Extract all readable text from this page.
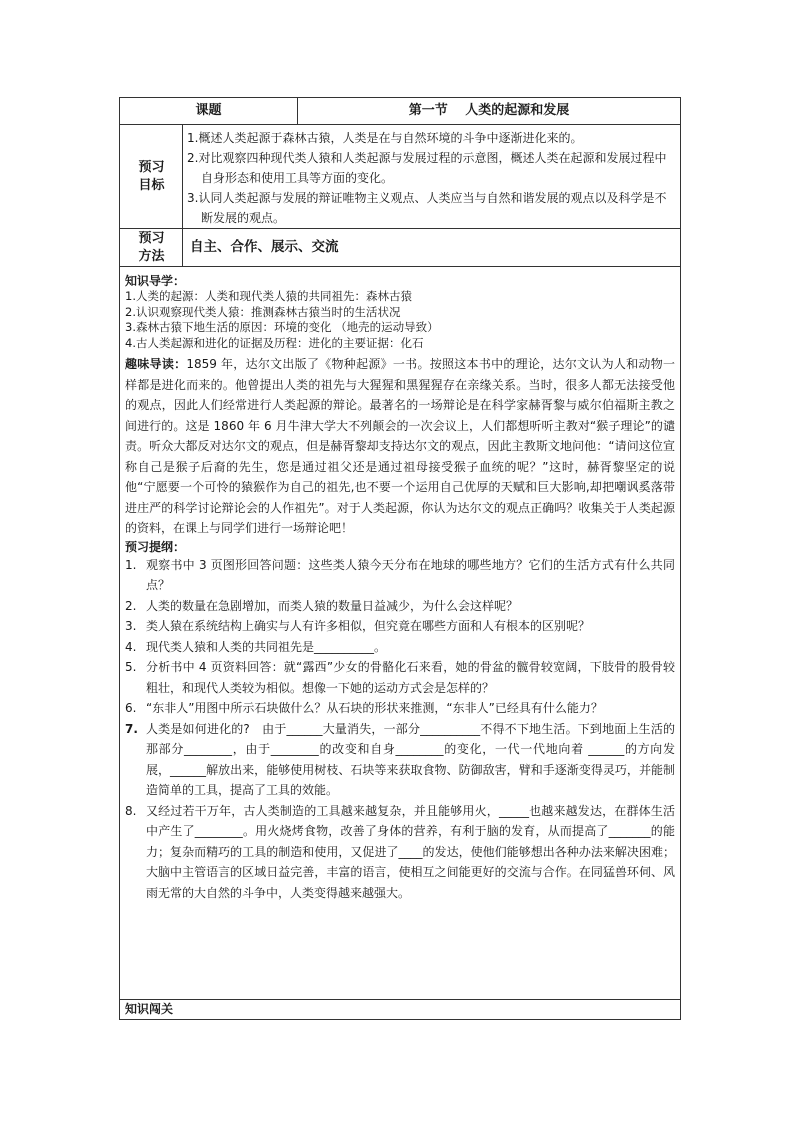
课题	第一节　 人类的起源和发展
预习
目标
1.概述人类起源于森林古猿，人类是在与自然环境的斗争中逐渐进化来的。
2.对比观察四种现代类人猿和人类起源与发展过程的示意图，概述人类在起源和发展过程中自身形态和使用工具等方面的变化。
3.认同人类起源与发展的辩证唯物主义观点、人类应当与自然和谐发展的观点以及科学是不断发展的观点。
预习
方法
自主、合作、展示、交流
知识导学：
1.人类的起源：人类和现代类人猿的共同祖先：森林古猿
2.认识观察现代类人猿：推测森林古猿当时的生活状况
3.森林古猿下地生活的原因：环境的变化 （地壳的运动导致）
4.古人类起源和进化的证据及历程：进化的主要证据：化石
趣味导读：1859 年，达尔文出版了《物种起源》一书。按照这本书中的理论，达尔文认为人和动物一样都是进化而来的。他曾提出人类的祖先与大猩猩和黑猩猩存在亲缘关系。当时，很多人都无法接受他的观点，因此人们经常进行人类起源的辩论。最著名的一场辩论是在科学家赫胥黎与威尔伯福斯主教之间进行的。这是 1860 年 6 月牛津大学大不列颠会的一次会议上，人们都想听听主教对“猴子理论”的谴责。听众大都反对达尔文的观点，但是赫胥黎却支持达尔文的观点，因此主教斯文地问他：“请问这位宣称自己是猴子后裔的先生，您是通过祖父还是通过祖母接受猴子血统的呢？”这时，赫胥黎坚定的说他“宁愿要一个可怜的猿猴作为自己的祖先,也不要一个运用自己优厚的天赋和巨大影响,却把嘲讽奚落带进庄严的科学讨论辩论会的人作祖先”。对于人类起源，你认为达尔文的观点正确吗？收集关于人类起源的资料，在课上与同学们进行一场辩论吧！
预习提纲：
1. 观察书中 3 页图形回答问题：这些类人猿今天分布在地球的哪些地方？它们的生活方式有什么共同点？
2. 人类的数量在急剧增加，而类人猿的数量日益减少，为什么会这样呢？
3. 类人猿在系统结构上确实与人有许多相似，但究竟在哪些方面和人有根本的区别呢？
4. 现代类人猿和人类的共同祖先是__________。
5. 分析书中 4 页资料回答：就“露西”少女的骨骼化石来看，她的骨盆的髋骨较宽阔，下肢骨的股骨较粗壮，和现代人类较为相似。想像一下她的运动方式会是怎样的？
6. “东非人”用图中所示石块做什么？从石块的形状来推测，“东非人”已经具有什么能力？
7. 人类是如何进化的?　由于______大量消失，一部分__________不得不下地生活。下到地面上生活的那部分________，由于________的改变和自身________的变化，一代一代地向着 ______的方向发展，______解放出来，能够使用树枝、石块等来获取食物、防御敌害，臂和手逐渐变得灵巧，并能制造简单的工具，提高了工具的效能。
8. 又经过若干万年，古人类制造的工具越来越复杂，并且能够用火，_____也越来越发达，在群体生活中产生了________。用火烧烤食物，改善了身体的营养，有利于脑的发育，从而提高了_______的能力；复杂而精巧的工具的制造和使用，又促进了____的发达，使他们能够想出各种办法来解决困难；大脑中主管语言的区域日益完善，丰富的语言，使相互之间能更好的交流与合作。在同猛兽环伺、风雨无常的大自然的斗争中，人类变得越来越强大。
知识闯关
